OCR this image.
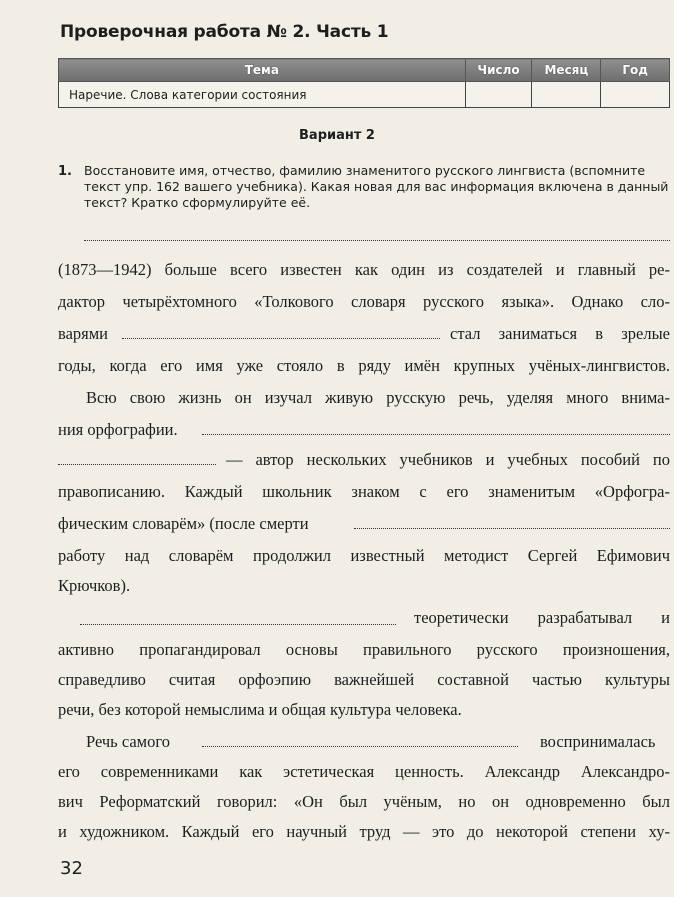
Проверочная работа № 2. Часть 1
Тема	Число	Месяц	Год
Наречие. Слова категории состояния			
Вариант 2
1. Восстановите имя, отчество, фамилию знаменитого русского лингвиста (вспомните текст упр. 162 вашего учебника). Какая новая для вас информация включена в данный текст? Кратко сформулируйте её.
(1873—1942) больше всего известен как один из создателей и главный ре-
дактор четырёхтомного «Толкового словаря русского языка». Однако сло-
варями	стал заниматься в зрелые
годы, когда его имя уже стояло в ряду имён крупных учёных-лингвистов.
Всю свою жизнь он изучал живую русскую речь, уделяя много внима-
ния орфографии.
— автор нескольких учебников и учебных пособий по
правописанию. Каждый школьник знаком с его знаменитым «Орфогра-
фическим словарём» (после смерти
работу над словарём продолжил известный методист Сергей Ефимович
Крючков).
теоретически разрабатывал и
активно пропагандировал основы правильного русского произношения,
справедливо считая орфоэпию важнейшей составной частью культуры
речи, без которой немыслима и общая культура человека.
Речь самого	воспринималась
его современниками как эстетическая ценность. Александр Александро-
вич Реформатский говорил: «Он был учёным, но он одновременно был
и художником. Каждый его научный труд — это до некоторой степени ху-
32
